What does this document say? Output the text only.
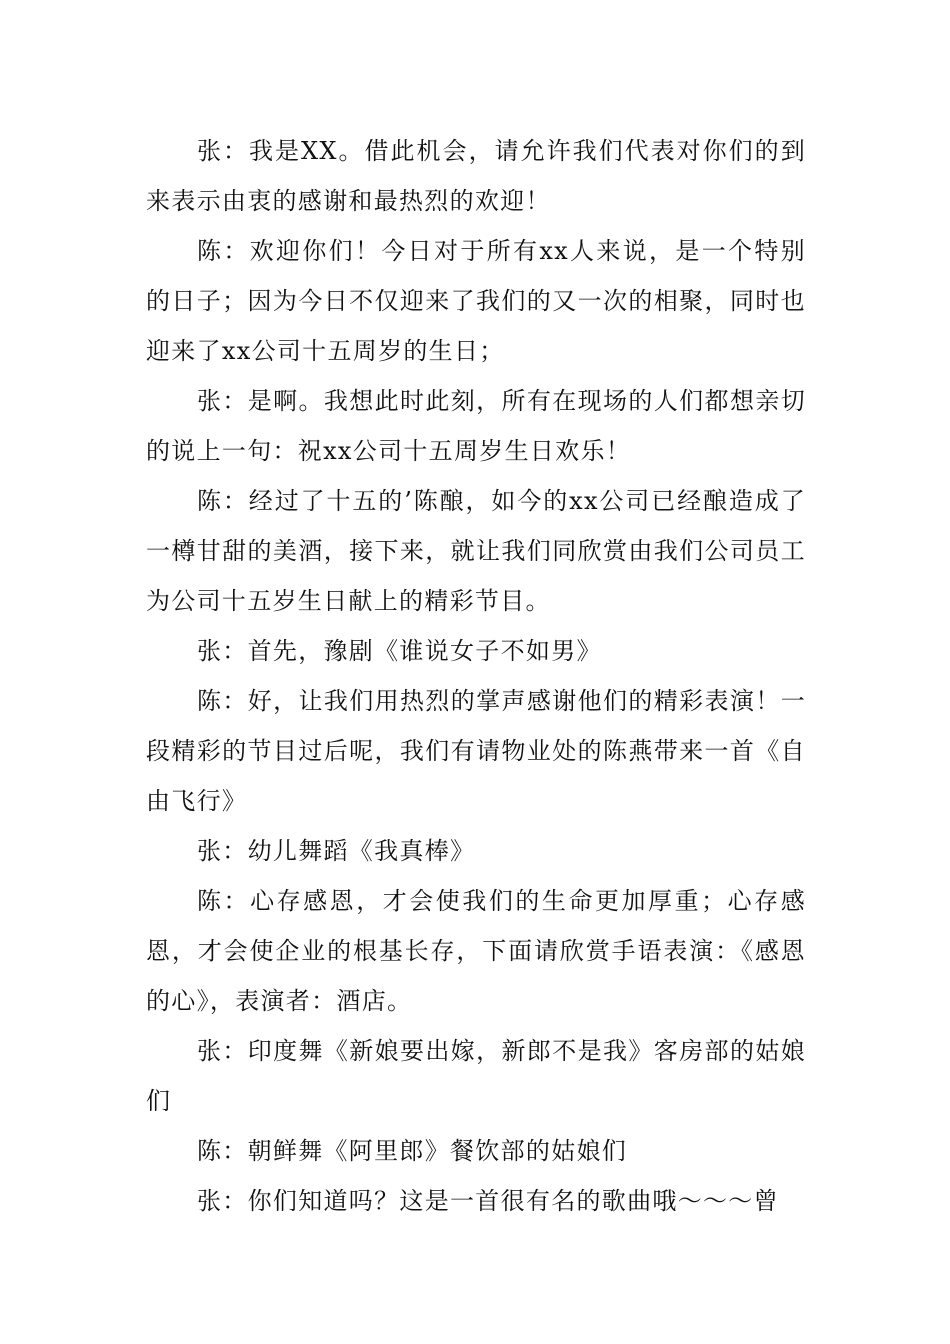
张：我是XX。借此机会，请允许我们代表对你们的到来表示由衷的感谢和最热烈的欢迎！

陈：欢迎你们！今日对于所有xx人来说，是一个特别的日子；因为今日不仅迎来了我们的又一次的相聚，同时也迎来了xx公司十五周岁的生日；

张：是啊。我想此时此刻，所有在现场的人们都想亲切的说上一句：祝xx公司十五周岁生日欢乐！

陈：经过了十五的’陈酿，如今的xx公司已经酿造成了一樽甘甜的美酒，接下来，就让我们同欣赏由我们公司员工为公司十五岁生日献上的精彩节目。

张：首先，豫剧《谁说女子不如男》

陈：好，让我们用热烈的掌声感谢他们的精彩表演！一段精彩的节目过后呢，我们有请物业处的陈燕带来一首《自由飞行》

张：幼儿舞蹈《我真棒》

陈：心存感恩，才会使我们的生命更加厚重；心存感恩，才会使企业的根基长存，下面请欣赏手语表演：《感恩的心》，表演者：酒店。

张：印度舞《新娘要出嫁，新郎不是我》客房部的姑娘们

陈：朝鲜舞《阿里郎》餐饮部的姑娘们

张：你们知道吗？这是一首很有名的歌曲哦～～～曾
